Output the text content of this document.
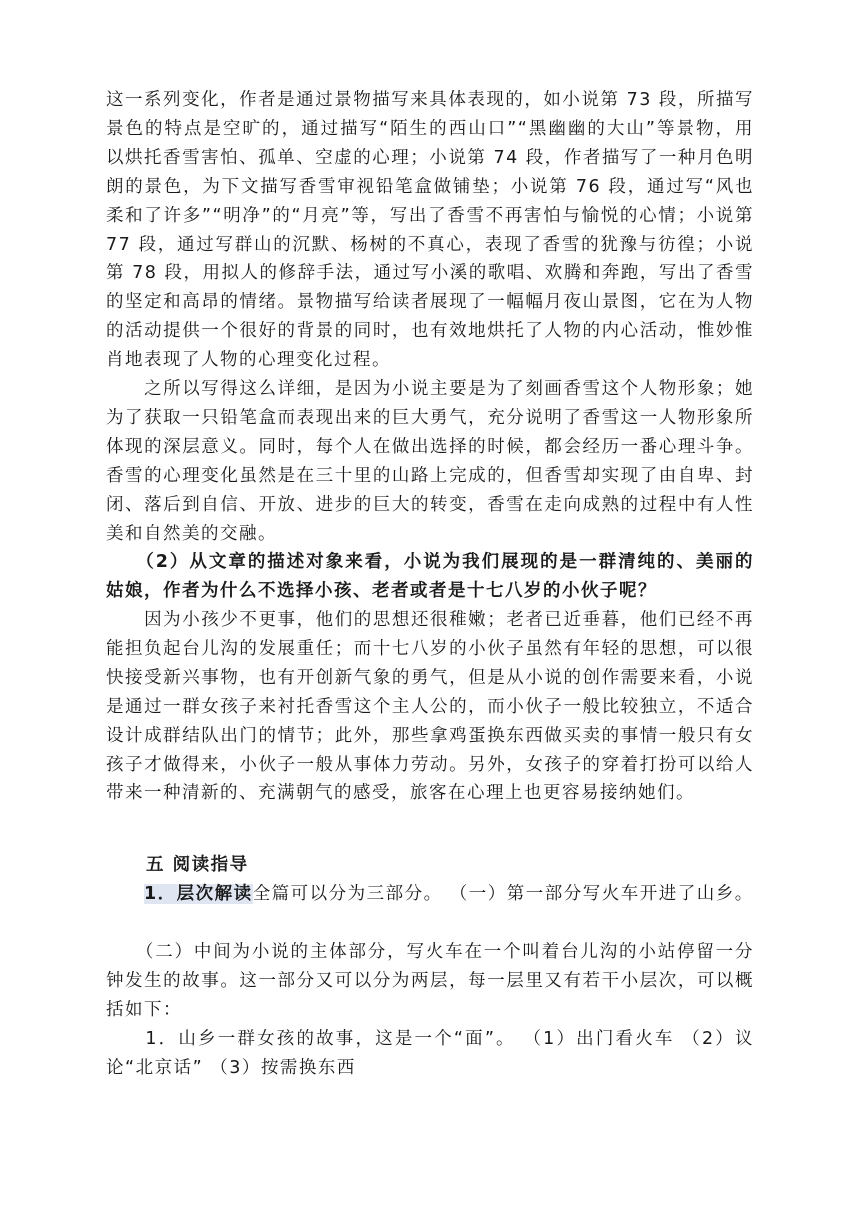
这一系列变化，作者是通过景物描写来具体表现的，如小说第 73 段，所描写景色的特点是空旷的，通过描写“陌生的西山口”“黑幽幽的大山”等景物，用以烘托香雪害怕、孤单、空虚的心理；小说第 74 段，作者描写了一种月色明朗的景色，为下文描写香雪审视铅笔盒做铺垫；小说第 76 段，通过写“风也柔和了许多”“明净”的“月亮”等，写出了香雪不再害怕与愉悦的心情；小说第 77 段，通过写群山的沉默、杨树的不真心，表现了香雪的犹豫与彷徨；小说第 78 段，用拟人的修辞手法，通过写小溪的歌唱、欢腾和奔跑，写出了香雪的坚定和高昂的情绪。景物描写给读者展现了一幅幅月夜山景图，它在为人物的活动提供一个很好的背景的同时，也有效地烘托了人物的内心活动，惟妙惟肖地表现了人物的心理变化过程。

　　之所以写得这么详细，是因为小说主要是为了刻画香雪这个人物形象；她为了获取一只铅笔盒而表现出来的巨大勇气，充分说明了香雪这一人物形象所体现的深层意义。同时，每个人在做出选择的时候，都会经历一番心理斗争。香雪的心理变化虽然是在三十里的山路上完成的，但香雪却实现了由自卑、封闭、落后到自信、开放、进步的巨大的转变，香雪在走向成熟的过程中有人性美和自然美的交融。

　　（2）从文章的描述对象来看，小说为我们展现的是一群清纯的、美丽的姑娘，作者为什么不选择小孩、老者或者是十七八岁的小伙子呢？

　　因为小孩少不更事，他们的思想还很稚嫩；老者已近垂暮，他们已经不再能担负起台儿沟的发展重任；而十七八岁的小伙子虽然有年轻的思想，可以很快接受新兴事物，也有开创新气象的勇气，但是从小说的创作需要来看，小说是通过一群女孩子来衬托香雪这个主人公的，而小伙子一般比较独立，不适合设计成群结队出门的情节；此外，那些拿鸡蛋换东西做买卖的事情一般只有女孩子才做得来，小伙子一般从事体力劳动。另外，女孩子的穿着打扮可以给人带来一种清新的、充满朝气的感受，旅客在心理上也更容易接纳她们。

五 阅读指导

　　1．层次解读全篇可以分为三部分。 （一）第一部分写火车开进了山乡。

　　（二）中间为小说的主体部分，写火车在一个叫着台儿沟的小站停留一分钟发生的故事。这一部分又可以分为两层，每一层里又有若干小层次，可以概括如下：

　　1．山乡一群女孩的故事，这是一个“面”。 （1）出门看火车 （2）议论“北京话” （3）按需换东西
